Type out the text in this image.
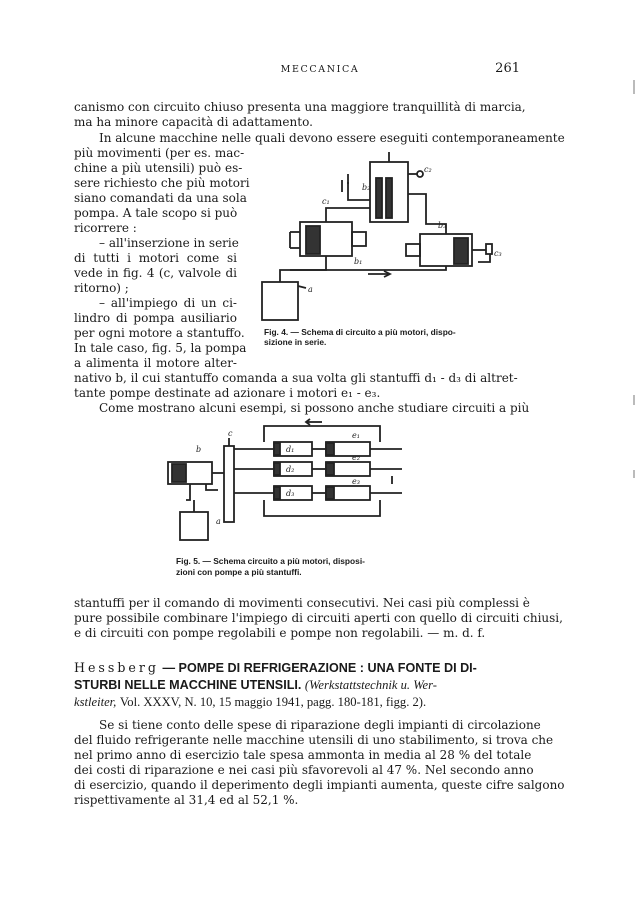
MECCANICA	261
canismo con circuito chiuso presenta una maggiore tranquillità di marcia,
ma ha minore capacità di adattamento.
In alcune macchine nelle quali devono essere eseguiti contemporaneamente
più movimenti (per es. mac-
chine a più utensili) può es-
sere richiesto che più motori
siano comandati da una sola
pompa. A tale scopo si può
ricorrere :
– all'inserzione in serie
di tutti i motori come si
vede in fig. 4 (c, valvole di
ritorno) ;
– all'impiego di un ci-
lindro di pompa ausiliario
per ogni motore a stantuffo.
In tale caso, fig. 5, la pompa
a alimenta il motore alter-
nativo b, il cui stantuffo comanda a sua volta gli stantuffi d₁ - d₃ di altret-
tante pompe destinate ad azionare i motori e₁ - e₃.
b₂
c₂
c₁
b₃
b₁
c₃
a
Fig. 4. — Schema di circuito a più motori, dispo-
sizione in serie.
Come mostrano alcuni esempi, si possono anche studiare circuiti a più
b
c
a
d₁
d₂
d₃
e₁
e₂
e₃
Fig. 5. — Schema circuito a più motori, disposi-
zioni con pompe a più stantuffi.
stantuffi per il comando di movimenti consecutivi. Nei casi più complessi è
pure possibile combinare l'impiego di circuiti aperti con quello di circuiti chiusi,
e di circuiti con pompe regolabili e pompe non regolabili. — m. d. f.
Hessberg — POMPE DI REFRIGERAZIONE : UNA FONTE DI DI-
STURBI NELLE MACCHINE UTENSILI. (Werkstattstechnik u. Wer-
kstleiter, Vol. XXXV, N. 10, 15 maggio 1941, pagg. 180-181, figg. 2).
Se si tiene conto delle spese di riparazione degli impianti di circolazione
del fluido refrigerante nelle macchine utensili di uno stabilimento, si trova che
nel primo anno di esercizio tale spesa ammonta in media al 28 % del totale
dei costi di riparazione e nei casi più sfavorevoli al 47 %. Nel secondo anno
di esercizio, quando il deperimento degli impianti aumenta, queste cifre salgono
rispettivamente al 31,4 ed al 52,1 %.
